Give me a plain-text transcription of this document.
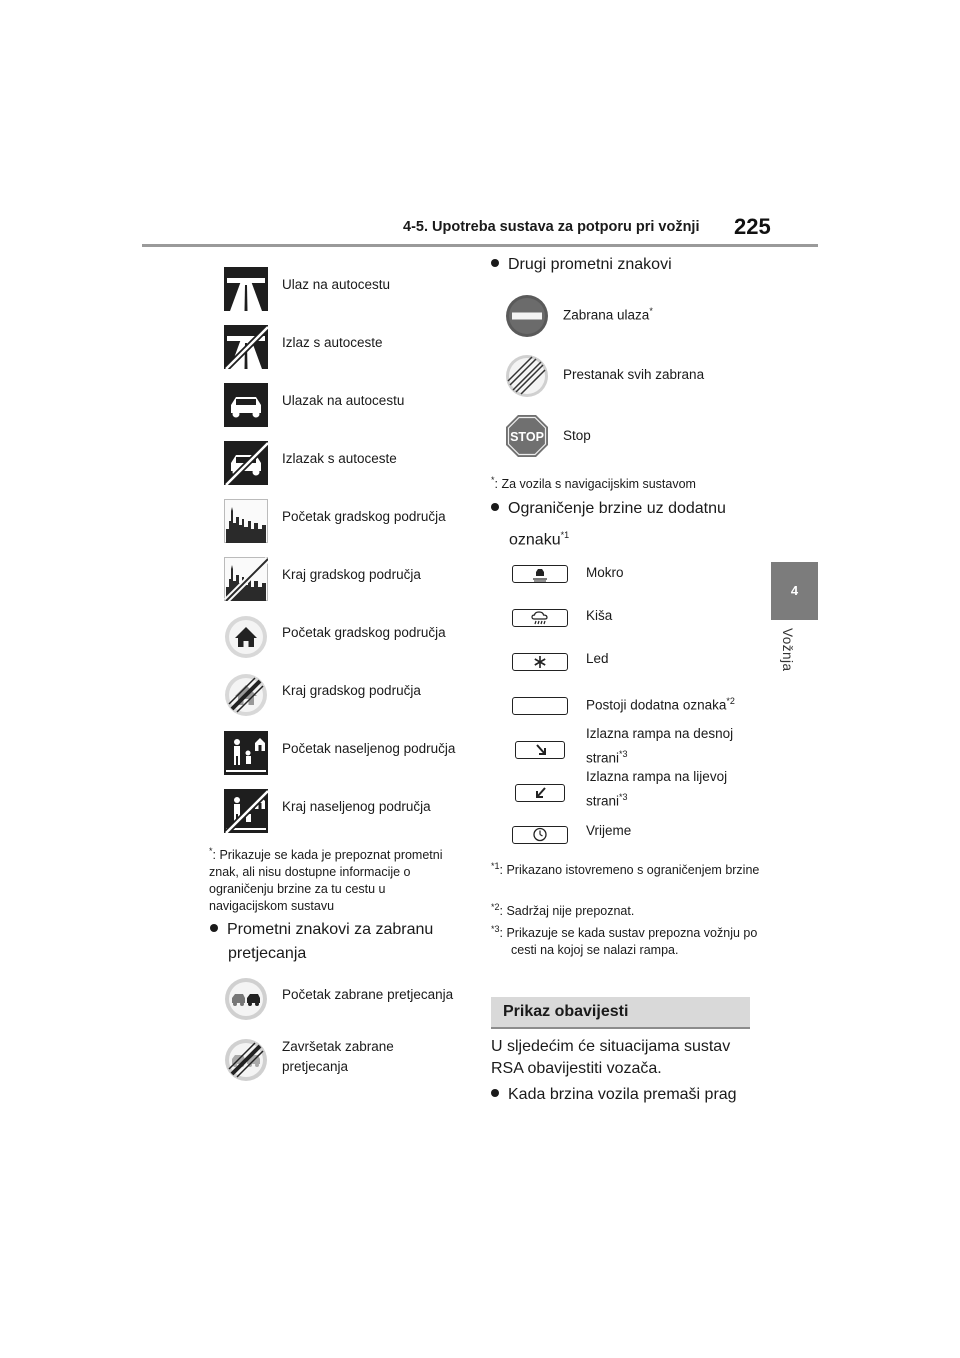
4-5. Upotreba sustava za potporu pri vožnji 225
4
Vožnja
Ulaz na autocestu
Izlaz s autoceste
Ulazak na autocestu
Izlazak s autoceste
Početak gradskog područja
Kraj gradskog područja
Početak gradskog područja
Kraj gradskog područja
Početak naseljenog područja
Kraj naseljenog područja
*: Prikazuje se kada je prepoznat prometni znak, ali nisu dostupne informacije o ograničenju brzine za tu cestu u navigacijskom sustavu
Prometni znakovi za zabranu pretjecanja
Početak zabrane pretjecanja
Završetak zabrane pretjecanja
Drugi prometni znakovi
Zabrana ulaza*
Prestanak svih zabrana
STOP Stop
*: Za vozila s navigacijskim sustavom
Ograničenje brzine uz dodatnu oznaku$^{*1}$
Mokro
Kiša
Led
Postoji dodatna oznaka$^{*2}$
Izlazna rampa na desnoj strani$^{*3}$
Izlazna rampa na lijevoj strani$^{*3}$
Vrijeme
$^{*1}$: Prikazano istovremeno s ograničenjem brzine
$^{*2}$: Sadržaj nije prepoznat.
$^{*3}$: Prikazuje se kada sustav prepozna vožnju po cesti na kojoj se nalazi rampa.
Prikaz obavijesti
U sljedećim će situacijama sustav RSA obavijestiti vozača.
Kada brzina vozila premaši prag
